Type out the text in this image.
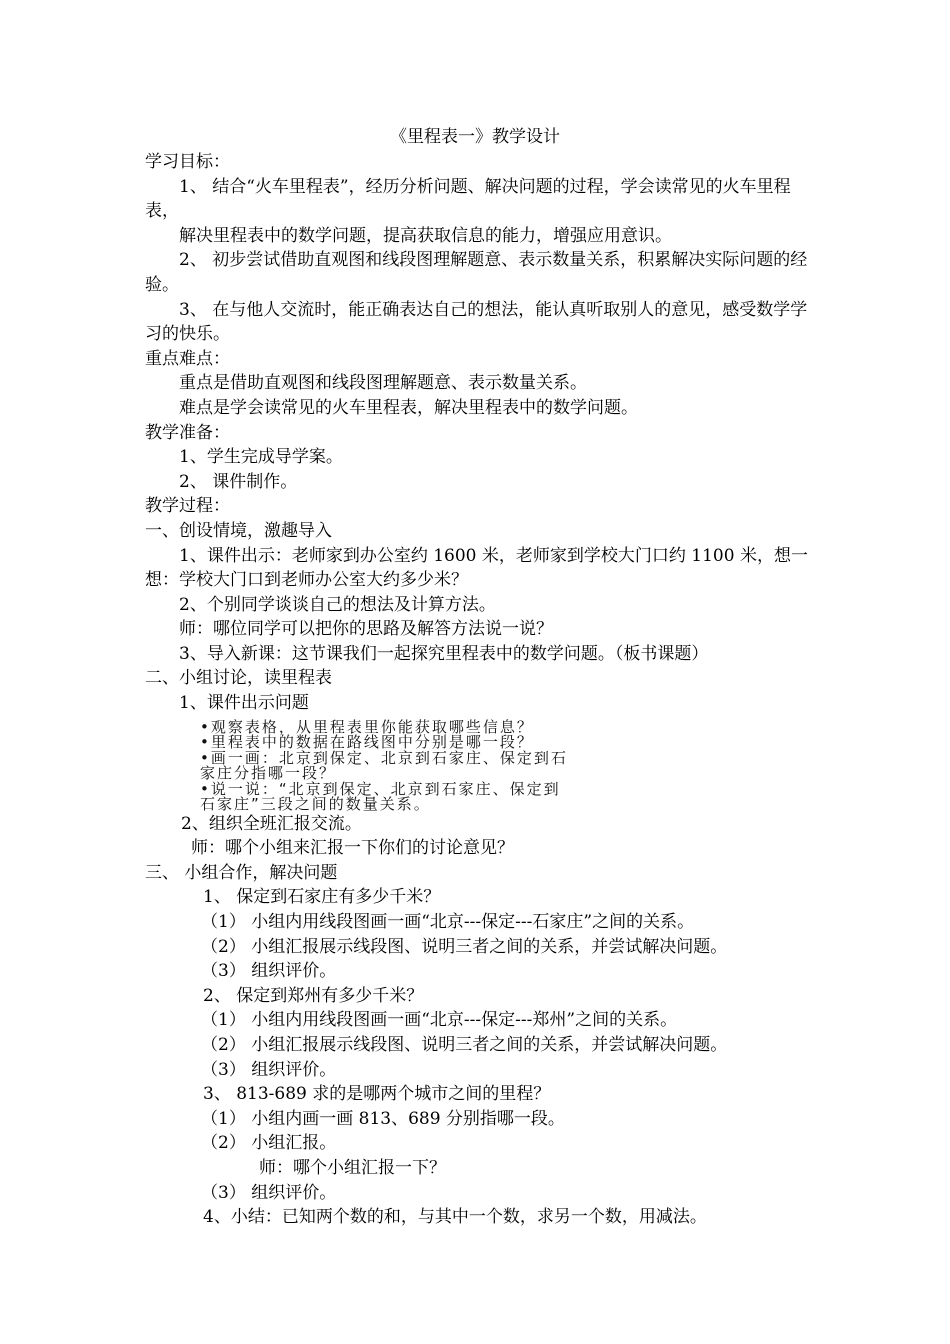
《里程表一》教学设计
学习目标：
1、 结合“火车里程表”，经历分析问题、解决问题的过程，学会读常见的火车里程表，
解决里程表中的数学问题，提高获取信息的能力，增强应用意识。
2、 初步尝试借助直观图和线段图理解题意、表示数量关系，积累解决实际问题的经验。
3、 在与他人交流时，能正确表达自己的想法，能认真听取别人的意见，感受数学学习的快乐。
重点难点：
重点是借助直观图和线段图理解题意、表示数量关系。
难点是学会读常见的火车里程表，解决里程表中的数学问题。
教学准备：
1、学生完成导学案。
2、 课件制作。
教学过程：
一、创设情境，激趣导入
1、课件出示：老师家到办公室约 1600 米，老师家到学校大门口约 1100 米，想一想：学校大门口到老师办公室大约多少米？
2、个别同学谈谈自己的想法及计算方法。
师：哪位同学可以把你的思路及解答方法说一说？
3、导入新课：这节课我们一起探究里程表中的数学问题。（板书课题）
二、小组讨论，读里程表
1、课件出示问题
•观察表格，从里程表里你能获取哪些信息？
•里程表中的数据在路线图中分别是哪一段？
•画一画：北京到保定、北京到石家庄、保定到石
家庄分指哪一段？
•说一说：“北京到保定、北京到石家庄、保定到
石家庄”三段之间的数量关系。
2、组织全班汇报交流。
师：哪个小组来汇报一下你们的讨论意见？
三、 小组合作，解决问题
1、 保定到石家庄有多少千米？
（1） 小组内用线段图画一画“北京---保定---石家庄”之间的关系。
（2） 小组汇报展示线段图、说明三者之间的关系，并尝试解决问题。
（3） 组织评价。
2、 保定到郑州有多少千米？
（1） 小组内用线段图画一画“北京---保定---郑州”之间的关系。
（2） 小组汇报展示线段图、说明三者之间的关系，并尝试解决问题。
（3） 组织评价。
3、 813-689 求的是哪两个城市之间的里程？
（1） 小组内画一画 813、689 分别指哪一段。
（2） 小组汇报。
师：哪个小组汇报一下？
（3） 组织评价。
4、小结：已知两个数的和，与其中一个数，求另一个数，用减法。
